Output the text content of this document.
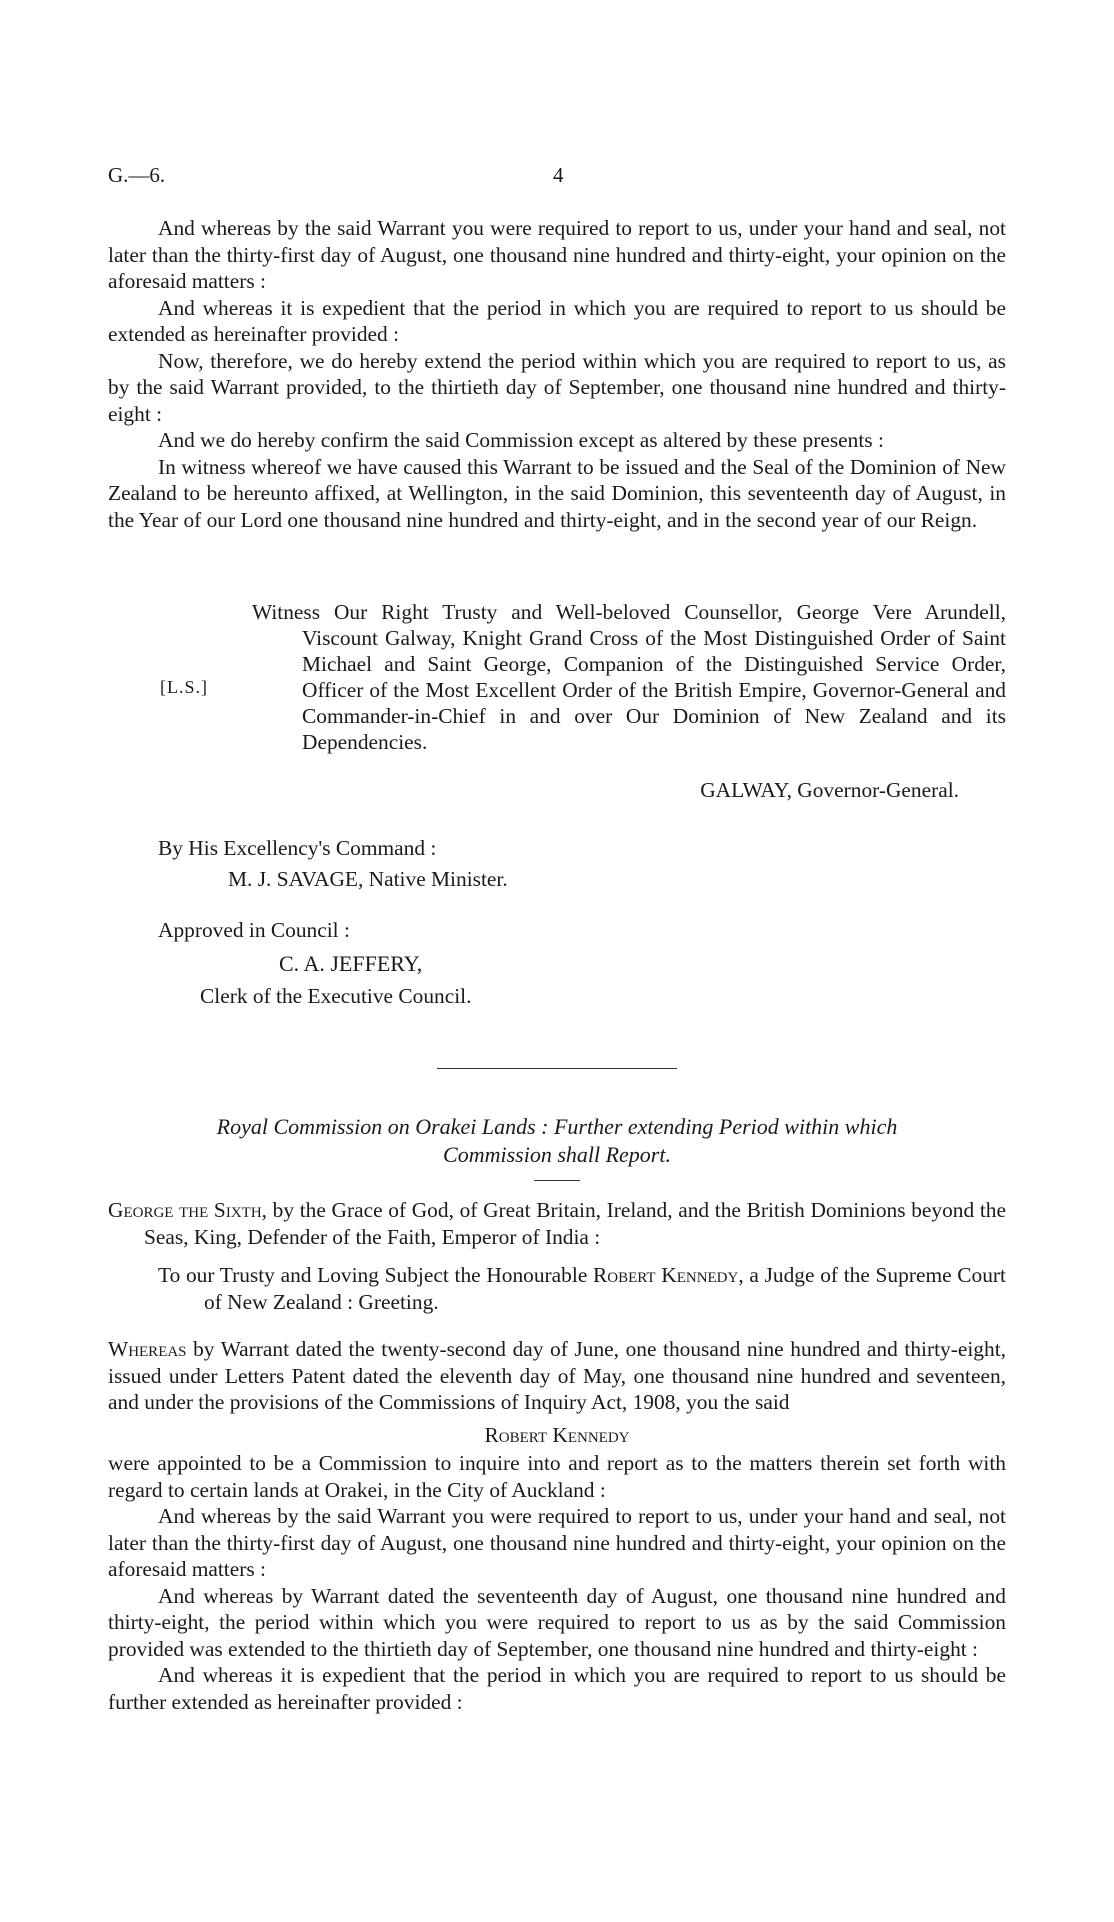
G.—6.	4

And whereas by the said Warrant you were required to report to us, under your hand and seal, not later than the thirty-first day of August, one thousand nine hundred and thirty-eight, your opinion on the aforesaid matters :

And whereas it is expedient that the period in which you are required to report to us should be extended as hereinafter provided :

Now, therefore, we do hereby extend the period within which you are required to report to us, as by the said Warrant provided, to the thirtieth day of September, one thousand nine hundred and thirty-eight :

And we do hereby confirm the said Commission except as altered by these presents :

In witness whereof we have caused this Warrant to be issued and the Seal of the Dominion of New Zealand to be hereunto affixed, at Wellington, in the said Dominion, this seventeenth day of August, in the Year of our Lord one thousand nine hundred and thirty-eight, and in the second year of our Reign.

[L.S.]

Witness Our Right Trusty and Well-beloved Counsellor, George Vere Arundell, Viscount Galway, Knight Grand Cross of the Most Distinguished Order of Saint Michael and Saint George, Companion of the Distinguished Service Order, Officer of the Most Excellent Order of the British Empire, Governor-General and Commander-in-Chief in and over Our Dominion of New Zealand and its Dependencies.

GALWAY, Governor-General.
By His Excellency's Command :
M. J. SAVAGE, Native Minister.
Approved in Council :
C. A. JEFFERY,
Clerk of the Executive Council.
Royal Commission on Orakei Lands : Further extending Period within which
Commission shall Report.

George the Sixth, by the Grace of God, of Great Britain, Ireland, and the British Dominions beyond the Seas, King, Defender of the Faith, Emperor of India :

To our Trusty and Loving Subject the Honourable Robert Kennedy, a Judge of the Supreme Court of New Zealand : Greeting.

Whereas by Warrant dated the twenty-second day of June, one thousand nine hundred and thirty-eight, issued under Letters Patent dated the eleventh day of May, one thousand nine hundred and seventeen, and under the provisions of the Commissions of Inquiry Act, 1908, you the said

Robert Kennedy

were appointed to be a Commission to inquire into and report as to the matters therein set forth with regard to certain lands at Orakei, in the City of Auckland :

And whereas by the said Warrant you were required to report to us, under your hand and seal, not later than the thirty-first day of August, one thousand nine hundred and thirty-eight, your opinion on the aforesaid matters :

And whereas by Warrant dated the seventeenth day of August, one thousand nine hundred and thirty-eight, the period within which you were required to report to us as by the said Commission provided was extended to the thirtieth day of September, one thousand nine hundred and thirty-eight :

And whereas it is expedient that the period in which you are required to report to us should be further extended as hereinafter provided :
